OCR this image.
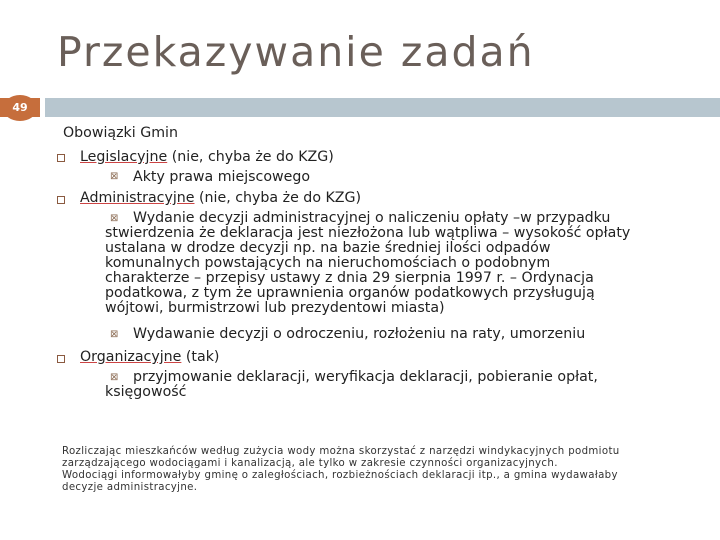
Przekazywanie zadań
49
Obowiązki Gmin
Legislacyjne (nie, chyba że do KZG)
⊠ Akty prawa miejscowego
Administracyjne (nie, chyba że do KZG)
⊠ Wydanie decyzji administracyjnej o naliczeniu opłaty –w przypadku
stwierdzenia że deklaracja jest niezłożona lub wątpliwa – wysokość opłaty
ustalana w drodze decyzji np. na bazie średniej ilości odpadów
komunalnych powstających na nieruchomościach o podobnym
charakterze – przepisy ustawy z dnia 29 sierpnia 1997 r. – Ordynacja
podatkowa, z tym że uprawnienia organów podatkowych przysługują
wójtowi, burmistrzowi lub prezydentowi miasta)
⊠ Wydawanie decyzji o odroczeniu, rozłożeniu na raty, umorzeniu
Organizacyjne (tak)
⊠ przyjmowanie deklaracji, weryfikacja deklaracji, pobieranie opłat,
księgowość
Rozliczając mieszkańców według zużycia wody można skorzystać z narzędzi windykacyjnych podmiotu
zarządzającego wodociągami i kanalizacją, ale tylko w zakresie czynności organizacyjnych.
Wodociągi informowałyby gminę o zaległościach, rozbieżnościach deklaracji itp., a gmina wydawałaby
decyzje administracyjne.
